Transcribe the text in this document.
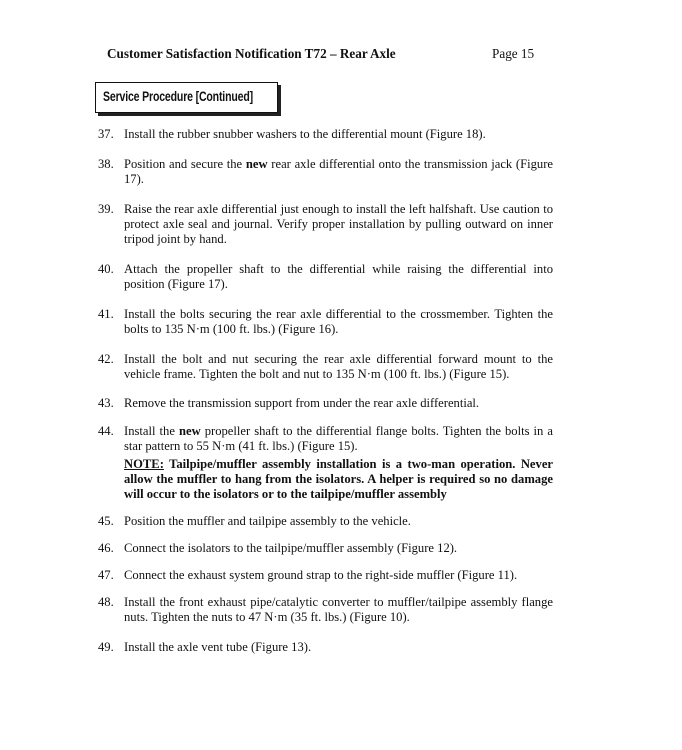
Customer Satisfaction Notification T72 – Rear Axle	Page 15
Service Procedure [Continued]
37. Install the rubber snubber washers to the differential mount (Figure 18).
38. Position and secure the new rear axle differential onto the transmission jack (Figure 17).
39. Raise the rear axle differential just enough to install the left halfshaft. Use caution to protect axle seal and journal. Verify proper installation by pulling outward on inner tripod joint by hand.
40. Attach the propeller shaft to the differential while raising the differential into position (Figure 17).
41. Install the bolts securing the rear axle differential to the crossmember. Tighten the bolts to 135 N·m (100 ft. lbs.) (Figure 16).
42. Install the bolt and nut securing the rear axle differential forward mount to the vehicle frame. Tighten the bolt and nut to 135 N·m (100 ft. lbs.) (Figure 15).
43. Remove the transmission support from under the rear axle differential.
44. Install the new propeller shaft to the differential flange bolts. Tighten the bolts in a star pattern to 55 N·m (41 ft. lbs.) (Figure 15).
NOTE: Tailpipe/muffler assembly installation is a two-man operation. Never allow the muffler to hang from the isolators. A helper is required so no damage will occur to the isolators or to the tailpipe/muffler assembly
45. Position the muffler and tailpipe assembly to the vehicle.
46. Connect the isolators to the tailpipe/muffler assembly (Figure 12).
47. Connect the exhaust system ground strap to the right-side muffler (Figure 11).
48. Install the front exhaust pipe/catalytic converter to muffler/tailpipe assembly flange nuts. Tighten the nuts to 47 N·m (35 ft. lbs.) (Figure 10).
49. Install the axle vent tube (Figure 13).
